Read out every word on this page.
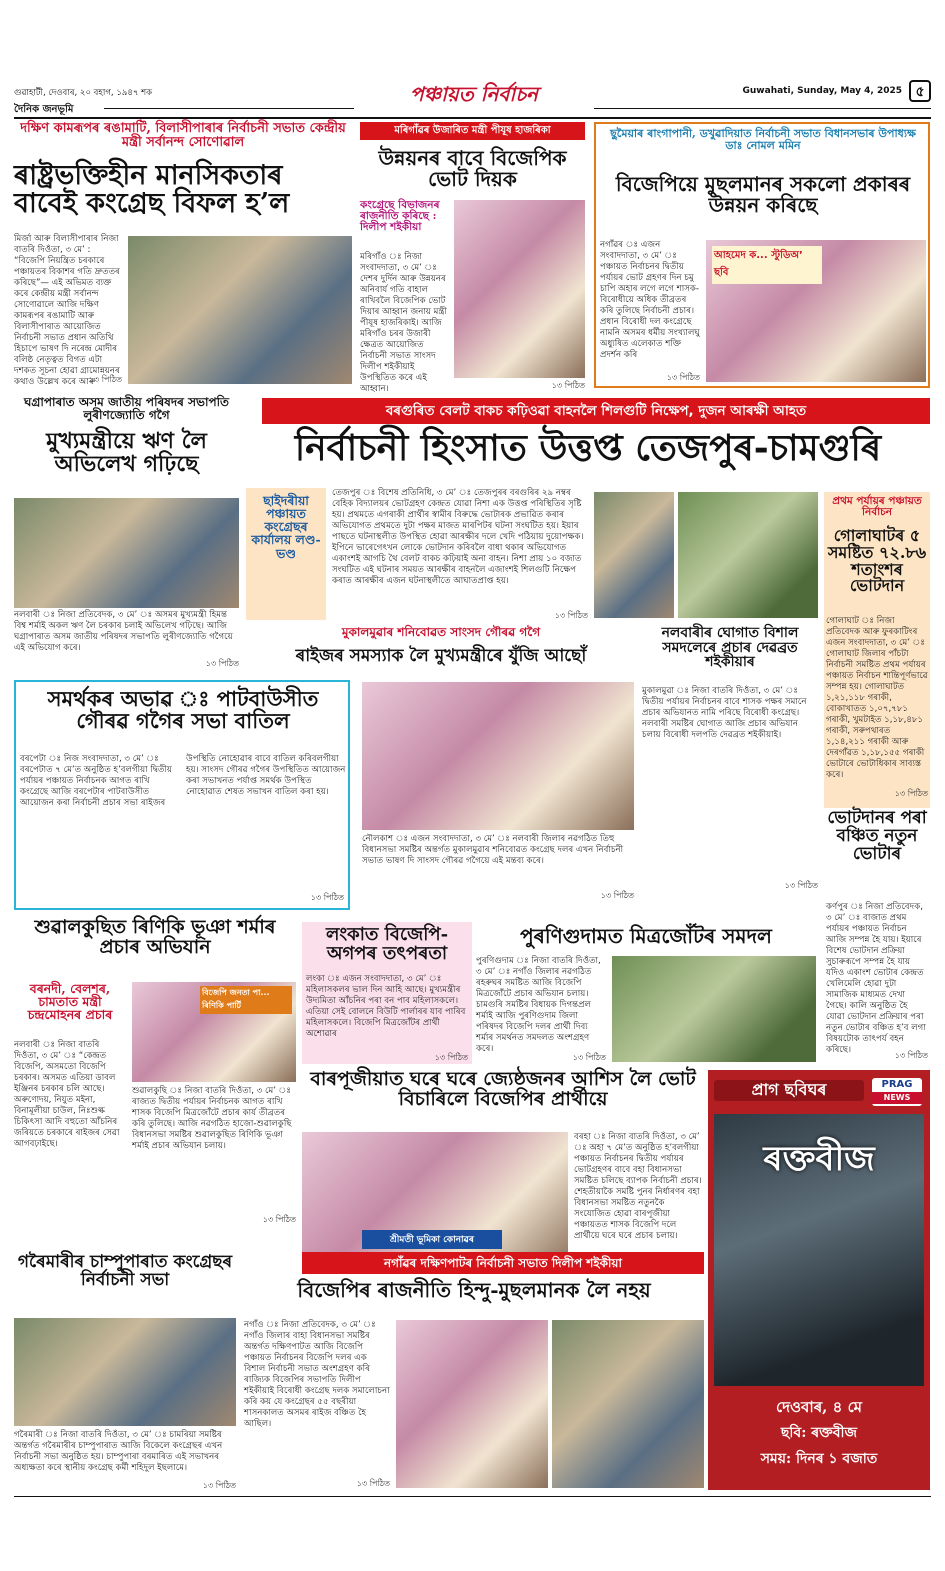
গুৱাহাটী, দেওবাৰ, ২০ বহাগ, ১৯৪৭ শক
দৈনিক জনভূমি
পঞ্চায়ত নিৰ্বাচন	Guwahati, Sunday, May 4, 2025 ৫
দক্ষিণ কামৰূপৰ ৰঙামাটি, বিলাসীপাৰাৰ নিৰ্বাচনী সভাত কেন্দ্ৰীয় মন্ত্ৰী সৰ্বানন্দ সোণোৱাল
ৰাষ্ট্ৰভক্তিহীন মানসিকতাৰ বাবেই কংগ্ৰেছ বিফল হ’ল
মিৰ্জা আৰু বিলাসীপাৰাৰ নিজা বাতৰি দিওঁতা, ৩ মে’ : “বিজেপি নিয়ন্ত্ৰিত চৰকাৰে পঞ্চায়তৰ বিকাশৰ গতি দ্ৰুততৰ কৰিছে”— এই অভিমত ব্যক্ত কৰে কেন্দ্ৰীয় মন্ত্ৰী সৰ্বানন্দ সোণোৱালে আজি দক্ষিণ কামৰূপৰ ৰঙামাটি আৰু বিলাসীপাৰাত আয়োজিত নিৰ্বাচনী সভাত প্ৰধান অতিথি হিচাপে ভাষণ দি নৰেন্দ্ৰ মোদীৰ বলিষ্ঠ নেতৃত্বত বিগত এটা দশকত সূচনা হোৱা গ্ৰামোন্নয়নৰ কথাও উল্লেখ কৰে আৰু
১৩ পিঠিত
মৰিগাঁৱৰ উজাৰিত মন্ত্ৰী পীযূষ হাজৰিকা
উন্নয়নৰ বাবে বিজেপিক ভোট দিয়ক
কংগ্ৰেছে বিভাজনৰ ৰাজনীতি কৰিছে : দিলীপ শইকীয়া
মৰিগাঁও ঃ নিজা সংবাদদাতা, ৩ মে’ ঃ দেশৰ দুৰ্দিন আৰু উন্নয়নৰ অনিবাৰ্য গতি বাহাল ৰাখিবলৈ বিজেপিক ভোট দিয়াৰ আহ্বান জনায় মন্ত্ৰী পীযূষ হাজৰিকাই। আজি মৰিগাঁও চৰৰ উজাৰী ক্ষেত্ৰত আয়োজিত নিৰ্বাচনী সভাত সাংসদ দিলীপ শইকীয়াই উপস্থিতিত কৰে এই আহ্বান।	১৩ পিঠিত
ছুমৈয়াৰ ৰাংগাপানী, ডখুৱাদিয়াত নিৰ্বাচনী সভাত বিধানসভাৰ উপাধ্যক্ষ ডাঃ নোমল মমিন
বিজেপিয়ে মুছলমানৰ সকলো প্ৰকাৰৰ উন্নয়ন কৰিছে
নগাঁৱৰ ঃ এজন সংবাদদাতা, ৩ মে’ ঃ পঞ্চায়ত নিৰ্বাচনৰ দ্বিতীয় পৰ্যায়ৰ ভোট গ্ৰহণৰ দিন চমু চাপি অহাৰ লগে লগে শাসক-বিৰোধীয়ে অধিক তীব্ৰতৰ কৰি তুলিছে নিৰ্বাচনী প্ৰচাৰ। প্ৰধান বিৰোধী দল কংগ্ৰেছে নামনি অসমৰ ধৰ্মীয় সংখ্যালঘু অধ্যুষিত এলেকাত শক্তি প্ৰদৰ্শন কৰি
আহমেদ ক... স্টুডিঅ’ ছবি
১৩ পিঠিত
ঘগ্ৰাপাৰাত অসম জাতীয় পৰিষদৰ সভাপতি লুৰীণজ্যোতি গগৈ
মুখ্যমন্ত্ৰীয়ে ঋণ লৈ অভিলেখ গঢ়িছে
নলবাৰী ঃ নিজা প্ৰতিবেদক, ৩ মে’ ঃ অসমৰ মুখ্যমন্ত্ৰী হিমন্ত বিশ্ব শৰ্মাই অকল ঋণ লৈ চৰকাৰ চলাই অভিলেখ গঢ়িছে। আজি ঘগ্ৰাপাৰাত অসম জাতীয় পৰিষদৰ সভাপতি লুৰীণজ্যোতি গগৈয়ে এই অভিযোগ কৰে।
১৩ পিঠিত
বৰগুৰিত বেলট বাকচ কঢ়িওৱা বাহনলৈ শিলগুটি নিক্ষেপ, দুজন আৰক্ষী আহত
নিৰ্বাচনী হিংসাত উত্তপ্ত তেজপুৰ-চামগুৰি
ছাইদৰীয়া পঞ্চায়ত কংগ্ৰেছৰ কাৰ্যালয় লণ্ড-ভণ্ড
তেজপুৰ ঃ বিশেষ প্ৰতিনিধি, ৩ মে’ ঃ তেজপুৰৰ বৰগুৰিৰ ২৯ নম্বৰ বেহিক বিদ্যালয়ৰ ভোটগ্ৰহণ কেন্দ্ৰত যোৱা নিশা এক উত্তপ্ত পৰিস্থিতিৰ সৃষ্টি হয়। প্ৰথমতে এগৰাকী প্ৰাৰ্থীৰ স্বামীৰ বিৰুদ্ধে ভোটাৰক প্ৰভাৱিত কৰাৰ অভিযোগত প্ৰথমতে দুটা পক্ষৰ মাজত মাৰপিটৰ ঘটনা সংঘটিত হয়। ইয়াৰ পাছতে ঘটনাস্থলীত উপস্থিত হোৱা আৰক্ষীৰ দলে খেদি পঠিয়ায় দুয়োপক্ষক। ইপিনে ভাৰেগেৎখন লোকে ভোটদান কৰিবলৈ বাধা থকাৰ অভিযোগত একাংশই আগচি থৈ বেলট বাকচ কঢ়িয়াই অনা বাহন। নিশা প্ৰায় ১০ বজাত সংঘটিত এই ঘটনাৰ সময়ত আৰক্ষীৰ বাহনলৈ এজাংশই শিলগুটি নিক্ষেপ কৰাত আৰক্ষীৰ এজন ঘটনাস্থলীতে আঘাতপ্ৰাপ্ত হয়।
১৩ পিঠিত
প্ৰথম পৰ্যায়ৰ পঞ্চায়ত নিৰ্বাচন
গোলাঘাটৰ ৫ সমষ্টিত ৭২.৮৬ শতাংশৰ ভোটদান
গোলাঘাট ঃ নিজা প্ৰতিবেদক আৰু ফুৰকাটিংৰ এজন সংবাদদাতা, ৩ মে’ ঃ গোলাঘাট জিলাৰ পাঁচটা নিৰ্বাচনী সমষ্টিত প্ৰথম পৰ্যায়ৰ পঞ্চায়ত নিৰ্বাচন শান্তিপূৰ্ণভাৱে সম্পন্ন হয়। গোলাঘাটত ১,২১,১১৮ গৰাকী, বোকাখাতত ১,০৭,৭৮১ গৰাকী, খুমটাইত ১,১৮,৪৮১ গৰাকী, সৰুপথাৰত ১,১৪,২১১ গৰাকী আৰু দেৰগাঁৱত ১,১৮,১৫৫ গৰাকী ভোটাৰে ভোটাধিকাৰ সাব্যস্ত কৰে।
১৩ পিঠিত
ভোটদানৰ পৰা বঞ্চিত নতুন ভোটাৰ
কৰ্ণপুৰ ঃ নিজা প্ৰতিবেদক, ৩ মে’ ঃ বাজাত প্ৰথম পৰ্যায়ৰ পঞ্চায়ত নিৰ্বাচন আজি সম্পন্ন হৈ যায়। ইয়াৰে বিশেষ ভোটদান প্ৰক্ৰিয়া সুচাৰুৰূপে সম্পন্ন হৈ যায় যদিও একাংশ ভোটাৰ কেন্দ্ৰত খেলিমেলি হোৱা দুটা সামাজিক মাধ্যমত দেখা গৈছে। কালি অনুষ্ঠিত হৈ যোৱা ভোটদান প্ৰক্ৰিয়াৰ পৰা নতুন ভোটাৰ বঞ্চিত হ’ব লগা বিষয়টোক তাৎপৰ্য বহন কৰিছে।
১৩ পিঠিত
মুকালমুৱাৰ শনিবোৱত সাংসদ গৌৰৱ গগৈ
ৰাইজৰ সমস্যাক লৈ মুখ্যমন্ত্ৰীৰে যুঁজি আছোঁ
নলবাৰীৰ ঘোগাত বিশাল সমদলেৰে প্ৰচাৰ দেৱব্ৰত শইকীয়াৰ
মুকালমুৱা ঃ নিজা বাতৰি দিওঁতা, ৩ মে’ ঃ দ্বিতীয় পৰ্যায়ৰ নিৰ্বাচনৰ বাবে শাসক পক্ষৰ সমানে প্ৰচাৰ অভিযানত নামি পৰিছে বিৰোধী কংগ্ৰেছ। নলবাৰী সমষ্টিৰ ঘোগাত আজি প্ৰচাৰ অভিযান চলায় বিৰোধী দলপতি দেৱব্ৰত শইকীয়াই।
১৩ পিঠিত
সমৰ্থকৰ অভাৱ ঃ পাটবাউসীত গৌৰৱ গগৈৰ সভা বাতিল
বৰপেটা ঃ নিজ সংবাদদাতা, ৩ মে’ ঃ বৰপেটাত ৭ মে’ত অনুষ্ঠিত হ’বলগীয়া দ্বিতীয় পৰ্যায়ৰ পঞ্চায়ত নিৰ্বাচনক আগত ৰাখি কংগ্ৰেছে আজি বৰপেটাৰ পাটবাউসীত আয়োজন কৰা নিৰ্বাচনী প্ৰচাৰ সভা ৰাইজৰ উপস্থিতি নোহোৱাৰ বাবে বাতিল কৰিবলগীয়া হয়। সাংসদ গৌৰৱ গগৈৰ উপস্থিতিত আয়োজন কৰা সভাখনত পৰ্যাপ্ত সমৰ্থক উপস্থিত নোহোৱাত শেষত সভাখন বাতিল কৰা হয়।
১৩ পিঠিত
নৌলকাশ ঃ এজন সংবাদদাতা, ৩ মে’ ঃ নলবাৰী জিলাৰ নৱগঠিত তিহু বিধানসভা সমষ্টিৰ অন্তৰ্গত মুকালমুৱাৰ শনিবোৱত কংগ্ৰেছ দলৰ এখন নিৰ্বাচনী সভাত ভাষণ দি সাংসদ গৌৰৱ গগৈয়ে এই মন্তব্য কৰে।
১৩ পিঠিত
শুৱালকুছিত ৰিণিকি ভূঞা শৰ্মাৰ প্ৰচাৰ অভিযান
বৰনদী, বেলশৰ, চামতাত মন্ত্ৰী চন্দ্ৰমোহনৰ প্ৰচাৰ
নলবাৰী ঃ নিজা বাতৰি দিওঁতা, ৩ মে’ ঃ “কেন্দ্ৰত বিজেপি, অসমতো বিজেপি চৰকাৰ। অসমত এতিয়া ডাবল ইঞ্জিনৰ চৰকাৰ চলি আছে। অৰুণোদয়, নিযুত মইনা, বিনামূলীয়া চাউল, নিঃশুল্ক চিকিৎসা আদি বহুতো আঁচনিৰ জৰিয়তে চৰকাৰে ৰাইজৰ সেৱা আগবঢ়াইছে।
বিজেপি জনতা পা... ৰিণিকি পাৰ্টি
শুৱালকুছি ঃ নিজা বাতৰি দিওঁতা, ৩ মে’ ঃ ৰাজ্যত দ্বিতীয় পৰ্যায়ৰ নিৰ্বাচনক আগত ৰাখি শাসক বিজেপি মিত্ৰজোঁটে প্ৰচাৰ কাৰ্য তীব্ৰতৰ কৰি তুলিছে। আজি নৱগঠিত হাজো-শুৱালকুছি বিধানসভা সমষ্টিৰ শুৱালকুছিত ৰিণিকি ভূঞা শৰ্মাই প্ৰচাৰ অভিযান চলায়।
১৩ পিঠিত
লংকাত বিজেপি-অগপৰ তৎপৰতা
লংকা ঃ এজন সংবাদদাতা, ৩ মে’ ঃ মহিলাসকলৰ ভাল দিন আহি আছে। মুখ্যমন্ত্ৰীৰ উদ্যমিতা আঁচনিৰ পৰা বন পাব মহিলাসকলে। এতিয়া সেই বোলনে বিউটি পাৰ্লাৰৰ যাব পাৰিব মহিলাসকলে। বিজেপি মিত্ৰজোঁটৰ প্ৰাৰ্থী অশোৱাৰ
১৩ পিঠিত
পুৰণিগুদামত মিত্ৰজোঁটৰ সমদল
পুৰণিগুদাম ঃ নিজা বাতৰি দিওঁতা, ৩ মে’ ঃ নগাঁও জিলাৰ নৱগঠিত ৰহৰুঘৰ সমষ্টিত আজি বিজেপি মিত্ৰজোঁটে প্ৰচাৰ অভিযান চলায়। চামগুৰি সমষ্টিৰ বিধায়ক দিগন্তপ্ৰল শৰ্মাই আজি পুৰণিগুদাম জিলা পৰিষদৰ বিজেপি দলৰ প্ৰাৰ্থী দিব্য শৰ্মাৰ সমৰ্থনত সমদলত অংশগ্ৰহণ কৰে।
১৩ পিঠিত
বাৰপূজীয়াত ঘৰে ঘৰে জ্যেষ্ঠজনৰ আশিস লৈ ভোট বিচাৰিলে বিজেপিৰ প্ৰাৰ্থীয়ে
শ্ৰীমতী ভূমিকা কোনাৱৰ
বৰহা ঃ নিজা বাতৰি দিওঁতা, ৩ মে’ ঃ অহা ৭ মে’ত অনুষ্ঠিত হ’বলগীয়া পঞ্চায়ত নিৰ্বাচনৰ দ্বিতীয় পৰ্যায়ৰ ভোটগ্ৰহণৰ বাবে বহা বিধানসভা সমষ্টিত চলিছে ব্যাপক নিৰ্বাচনী প্ৰচাৰ। শেহতীয়াকৈ সমষ্টি পুনৰ নিৰ্ধাৰণৰ বহা বিধানসভা সমষ্টিত নতুনকৈ সংযোজিত হোৱা বাৰপূজীয়া পঞ্চায়তত শাসক বিজেপি দলে প্ৰাৰ্থীয়ে ঘৰে ঘৰে প্ৰচাৰ চলায়।
নগাঁৱৰ দক্ষিণপাটৰ নিৰ্বাচনী সভাত দিলীপ শইকীয়া
গৰৈমাৰীৰ চাম্পুপাৰাত কংগ্ৰেছৰ নিৰ্বাচনী সভা
গৰৈমাৰী ঃ নিজা বাতৰি দিওঁতা, ৩ মে’ ঃ চামৰিয়া সমষ্টিৰ অন্তৰ্গত গৰৈমাৰীৰ চাম্পুপাৰাত আজি বিকেলে কংগ্ৰেছৰ এখন নিৰ্বাচনী সভা অনুষ্ঠিত হয়। চাম্পুপাৰা বৰমাৰিত এই সভাখনৰ অধ্যক্ষতা কৰে স্থানীয় কংগ্ৰেছ কৰ্মী শহিদুল ইছলামে।
১৩ পিঠিত
বিজেপিৰ ৰাজনীতি হিন্দু-মুছলমানক লৈ নহয়
নগাঁও ঃ নিজা প্ৰতিবেদক, ৩ মে’ ঃ নগাঁও জিলাৰ বাহা বিধানসভা সমষ্টিৰ অন্তৰ্গত দক্ষিণপাটত আজি বিজেপি পঞ্চায়ত নিৰ্বাচনৰ বিজেপি দলৰ এক বিশাল নিৰ্বাচনী সভাত অংশগ্ৰহণ কৰি ৰাজ্যিক বিজেপিৰ সভাপতি দিলীপ শইকীয়াই বিৰোধী কংগ্ৰেছ দলক সমালোচনা কৰি কয় যে কংগ্ৰেছৰ ৫৫ বছৰীয়া শাসনকালত অসমৰ ৰাইজ বঞ্চিত হৈ আছিল।
১৩ পিঠিত
প্ৰাগ ছবিঘৰ	PRAG
NEWS
ৰক্তবীজ
দেওবাৰ, ৪ মে
ছবি: ৰক্তবীজ
সময়: দিনৰ ১ বজাত
